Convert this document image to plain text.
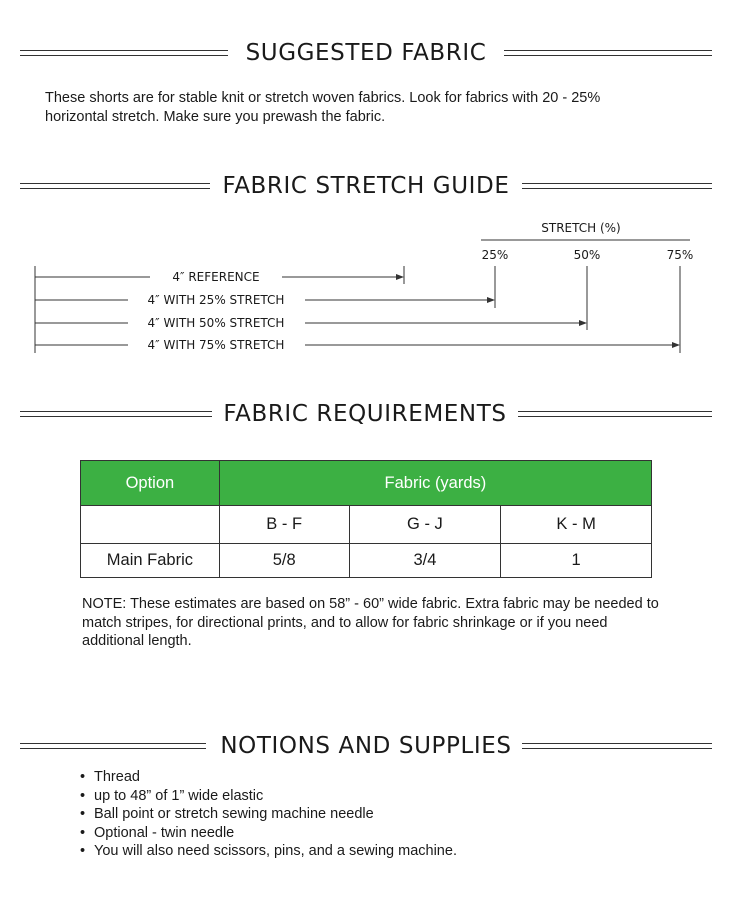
SUGGESTED FABRIC
These shorts are for stable knit or stretch woven fabrics. Look for fabrics with 20 - 25% horizontal stretch. Make sure you prewash the fabric.
FABRIC STRETCH GUIDE
STRETCH (%)
25%	50%	75%
4″ REFERENCE
4″ WITH 25% STRETCH
4″ WITH 50% STRETCH
4″ WITH 75% STRETCH
FABRIC REQUIREMENTS
Option	Fabric (yards)		
	B - F	G - J	K - M
Main Fabric	5/8	3/4	1
NOTE: These estimates are based on 58” - 60” wide fabric. Extra fabric may be needed to match stripes, for directional prints, and to allow for fabric shrinkage or if you need additional length.
NOTIONS AND SUPPLIES
• Thread
• up to 48” of 1” wide elastic
• Ball point or stretch sewing machine needle
• Optional - twin needle
• You will also need scissors, pins, and a sewing machine.
